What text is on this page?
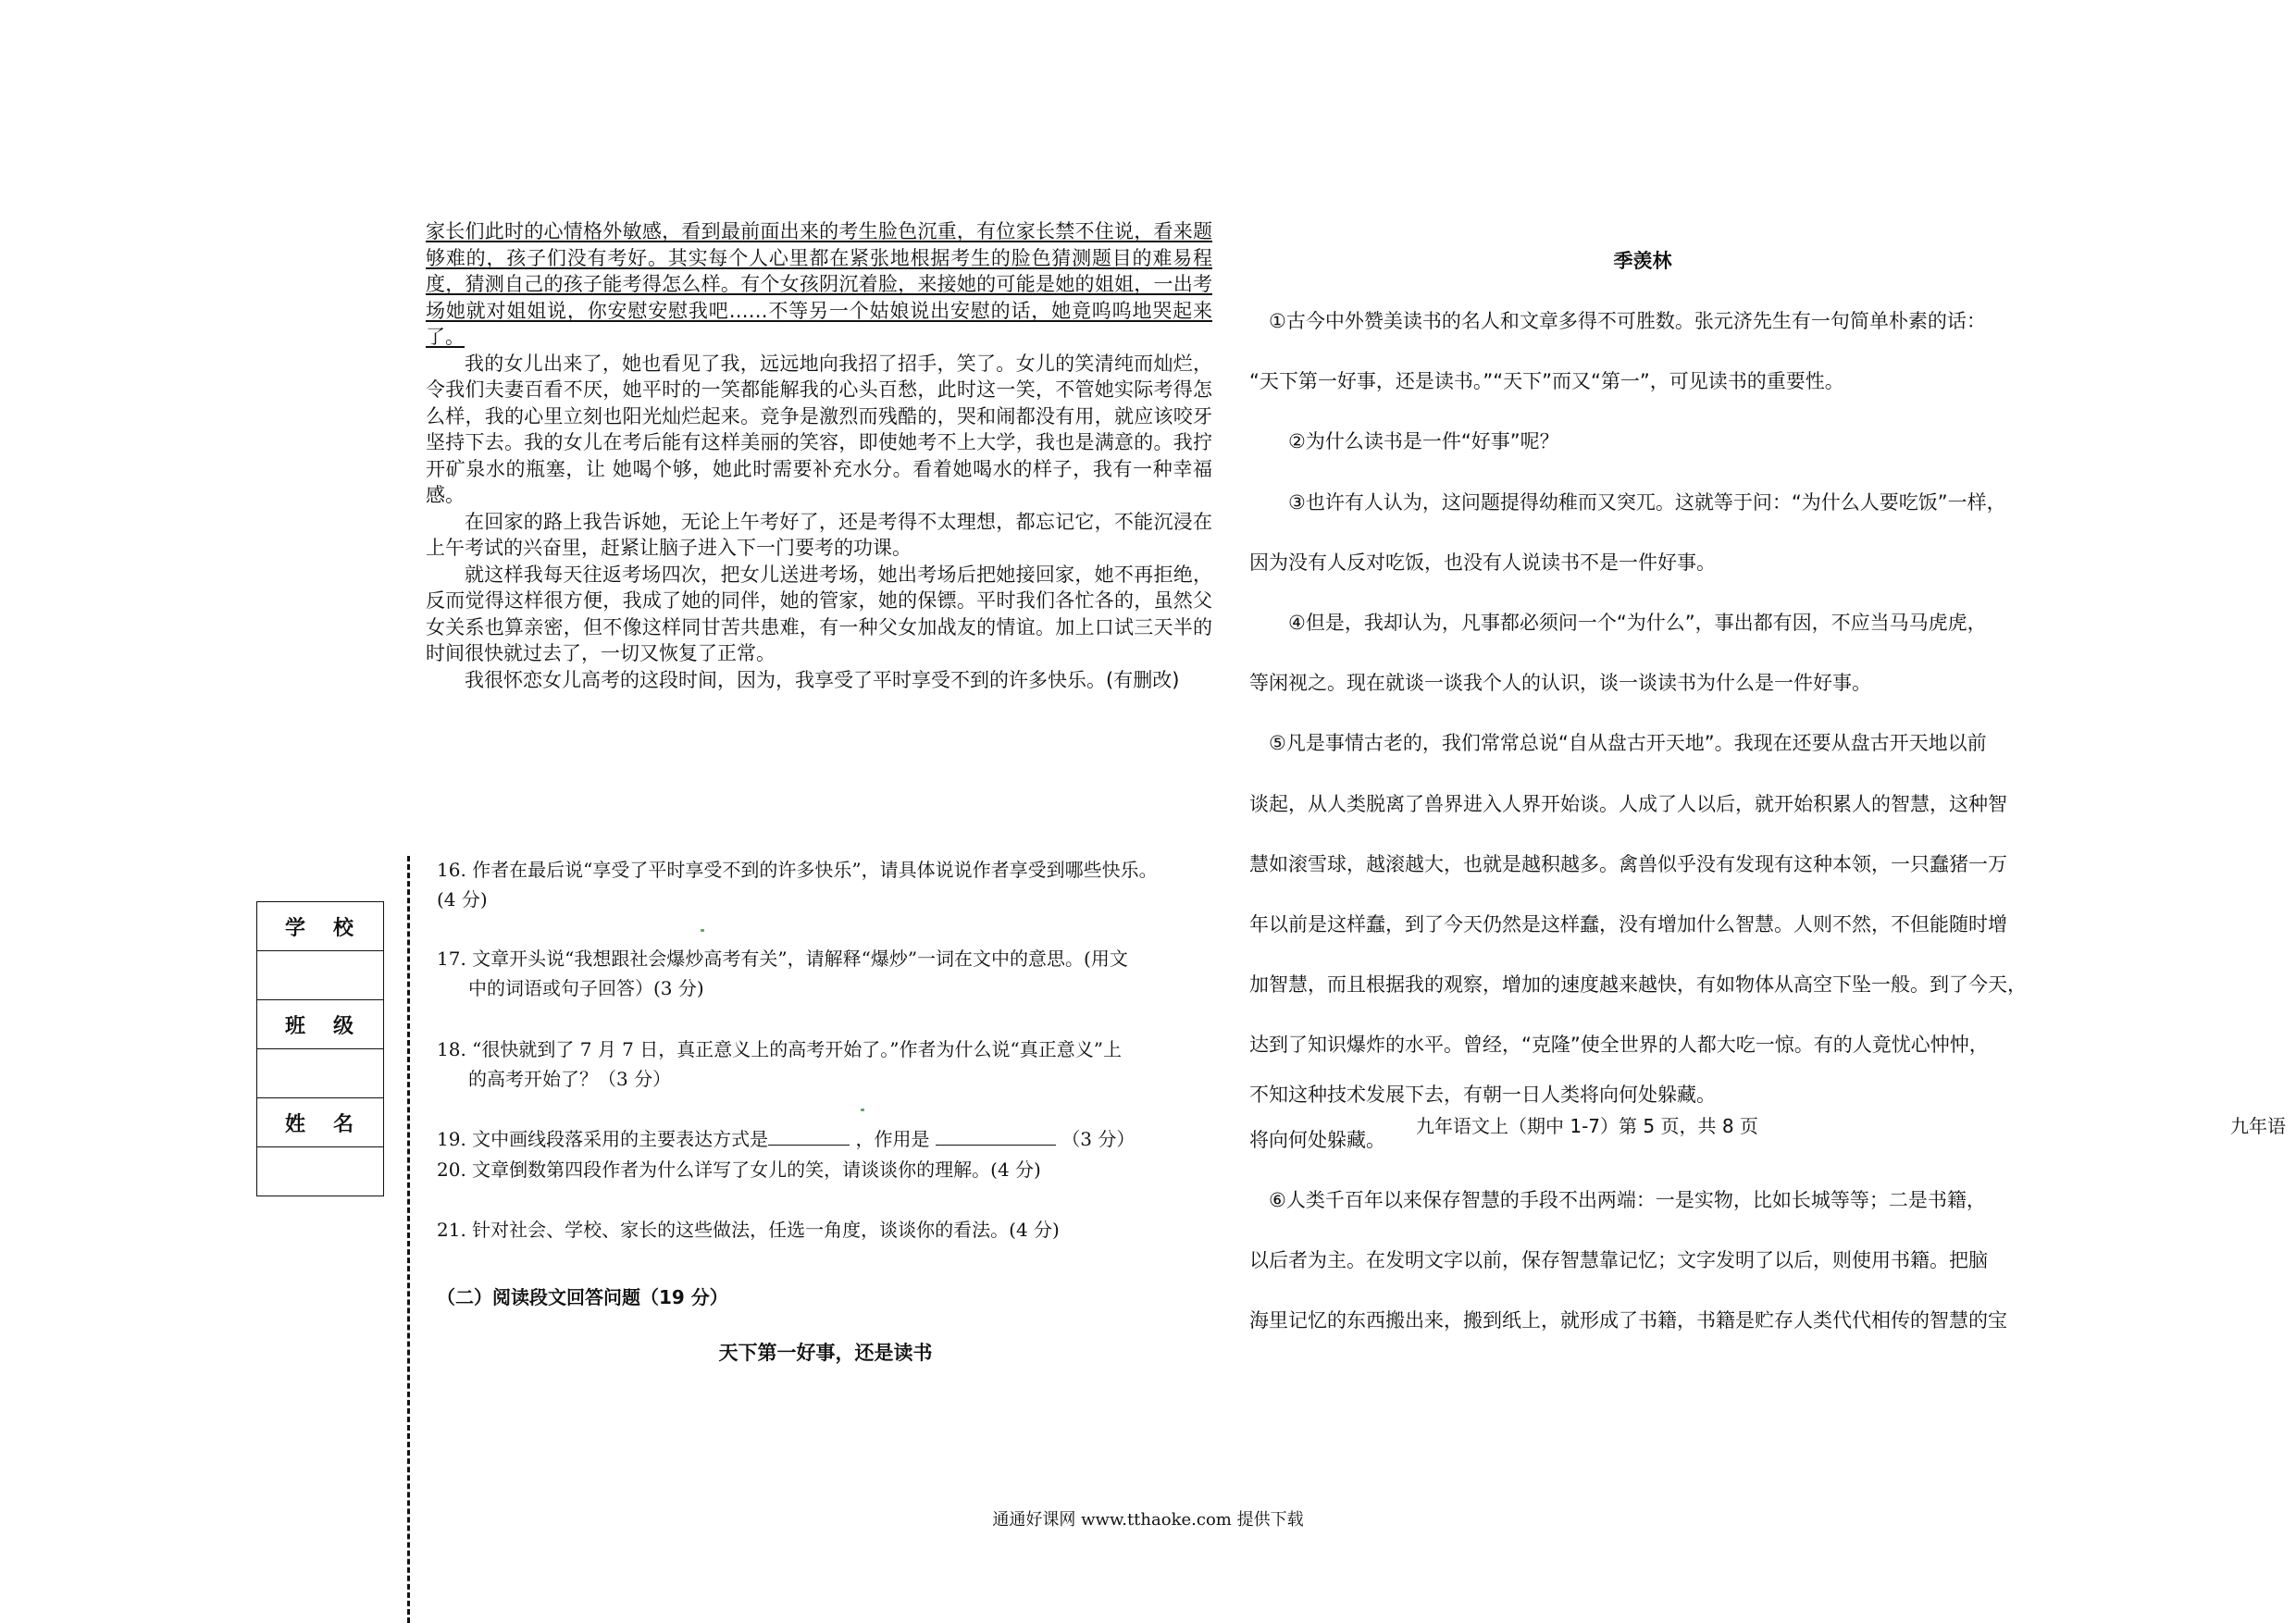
家长们此时的心情格外敏感，看到最前面出来的考生脸色沉重，有位家长禁不住说，看来题够难的，孩子们没有考好。其实每个人心里都在紧张地根据考生的脸色猜测题目的难易程度，猜测自己的孩子能考得怎么样。有个女孩阴沉着脸，来接她的可能是她的姐姐，一出考场她就对姐姐说，你安慰安慰我吧……不等另一个姑娘说出安慰的话，她竟呜呜地哭起来了。

我的女儿出来了，她也看见了我，远远地向我招了招手，笑了。女儿的笑清纯而灿烂，令我们夫妻百看不厌，她平时的一笑都能解我的心头百愁，此时这一笑，不管她实际考得怎么样，我的心里立刻也阳光灿烂起来。竞争是激烈而残酷的，哭和闹都没有用，就应该咬牙坚持下去。我的女儿在考后能有这样美丽的笑容，即使她考不上大学，我也是满意的。我拧开矿泉水的瓶塞，让 她喝个够，她此时需要补充水分。看着她喝水的样子，我有一种幸福感。

在回家的路上我告诉她，无论上午考好了，还是考得不太理想，都忘记它，不能沉浸在上午考试的兴奋里，赶紧让脑子进入下一门要考的功课。

就这样我每天往返考场四次，把女儿送进考场，她出考场后把她接回家，她不再拒绝，反而觉得这样很方便，我成了她的同伴，她的管家，她的保镖。平时我们各忙各的，虽然父女关系也算亲密，但不像这样同甘苦共患难，有一种父女加战友的情谊。加上口试三天半的时间很快就过去了，一切又恢复了正常。

我很怀恋女儿高考的这段时间，因为，我享受了平时享受不到的许多快乐。(有删改)

16. 作者在最后说“享受了平时享受不到的许多快乐”，请具体说说作者享受到哪些快乐。
(4 分)
17. 文章开头说“我想跟社会爆炒高考有关”，请解释“爆炒”一词在文中的意思。(用文
中的词语或句子回答）(3 分)
18. “很快就到了 7 月 7 日，真正意义上的高考开始了。”作者为什么说“真正意义”上
的高考开始了？（3 分）
19. 文中画线段落采用的主要表达方式是	，作用是	（3 分）
20. 文章倒数第四段作者为什么详写了女儿的笑，请谈谈你的理解。(4 分)
21. 针对社会、学校、家长的这些做法，任选一角度，谈谈你的看法。(4 分)
（二）阅读段文回答问题（19 分）
天下第一好事，还是读书
季羡林

　①古今中外赞美读书的名人和文章多得不可胜数。张元济先生有一句简单朴素的话：

“天下第一好事，还是读书。”“天下”而又“第一”，可见读书的重要性。

　　②为什么读书是一件“好事”呢？

　　③也许有人认为，这问题提得幼稚而又突兀。这就等于问：“为什么人要吃饭”一样，

因为没有人反对吃饭，也没有人说读书不是一件好事。

　　④但是，我却认为，凡事都必须问一个“为什么”，事出都有因，不应当马马虎虎，

等闲视之。现在就谈一谈我个人的认识，谈一谈读书为什么是一件好事。

　⑤凡是事情古老的，我们常常总说“自从盘古开天地”。我现在还要从盘古开天地以前

谈起，从人类脱离了兽界进入人界开始谈。人成了人以后，就开始积累人的智慧，这种智

慧如滚雪球，越滚越大，也就是越积越多。禽兽似乎没有发现有这种本领，一只蠢猪一万

年以前是这样蠢，到了今天仍然是这样蠢，没有增加什么智慧。人则不然，不但能随时增

加智慧，而且根据我的观察，增加的速度越来越快，有如物体从高空下坠一般。到了今天，

达到了知识爆炸的水平。曾经，“克隆”使全世界的人都大吃一惊。有的人竟忧心忡忡，

不知这种技术发展下去，有朝一日人类将向何处躲藏。

将向何处躲藏。

　⑥人类千百年以来保存智慧的手段不出两端：一是实物，比如长城等等；二是书籍，

以后者为主。在发明文字以前，保存智慧靠记忆；文字发明了以后，则使用书籍。把脑

海里记忆的东西搬出来，搬到纸上，就形成了书籍，书籍是贮存人类代代相传的智慧的宝

九年语文上（期中 1-7）第 5 页，共 8 页	九年语
学校

班级

姓名

通通好课网 www.tthaoke.com 提供下载
